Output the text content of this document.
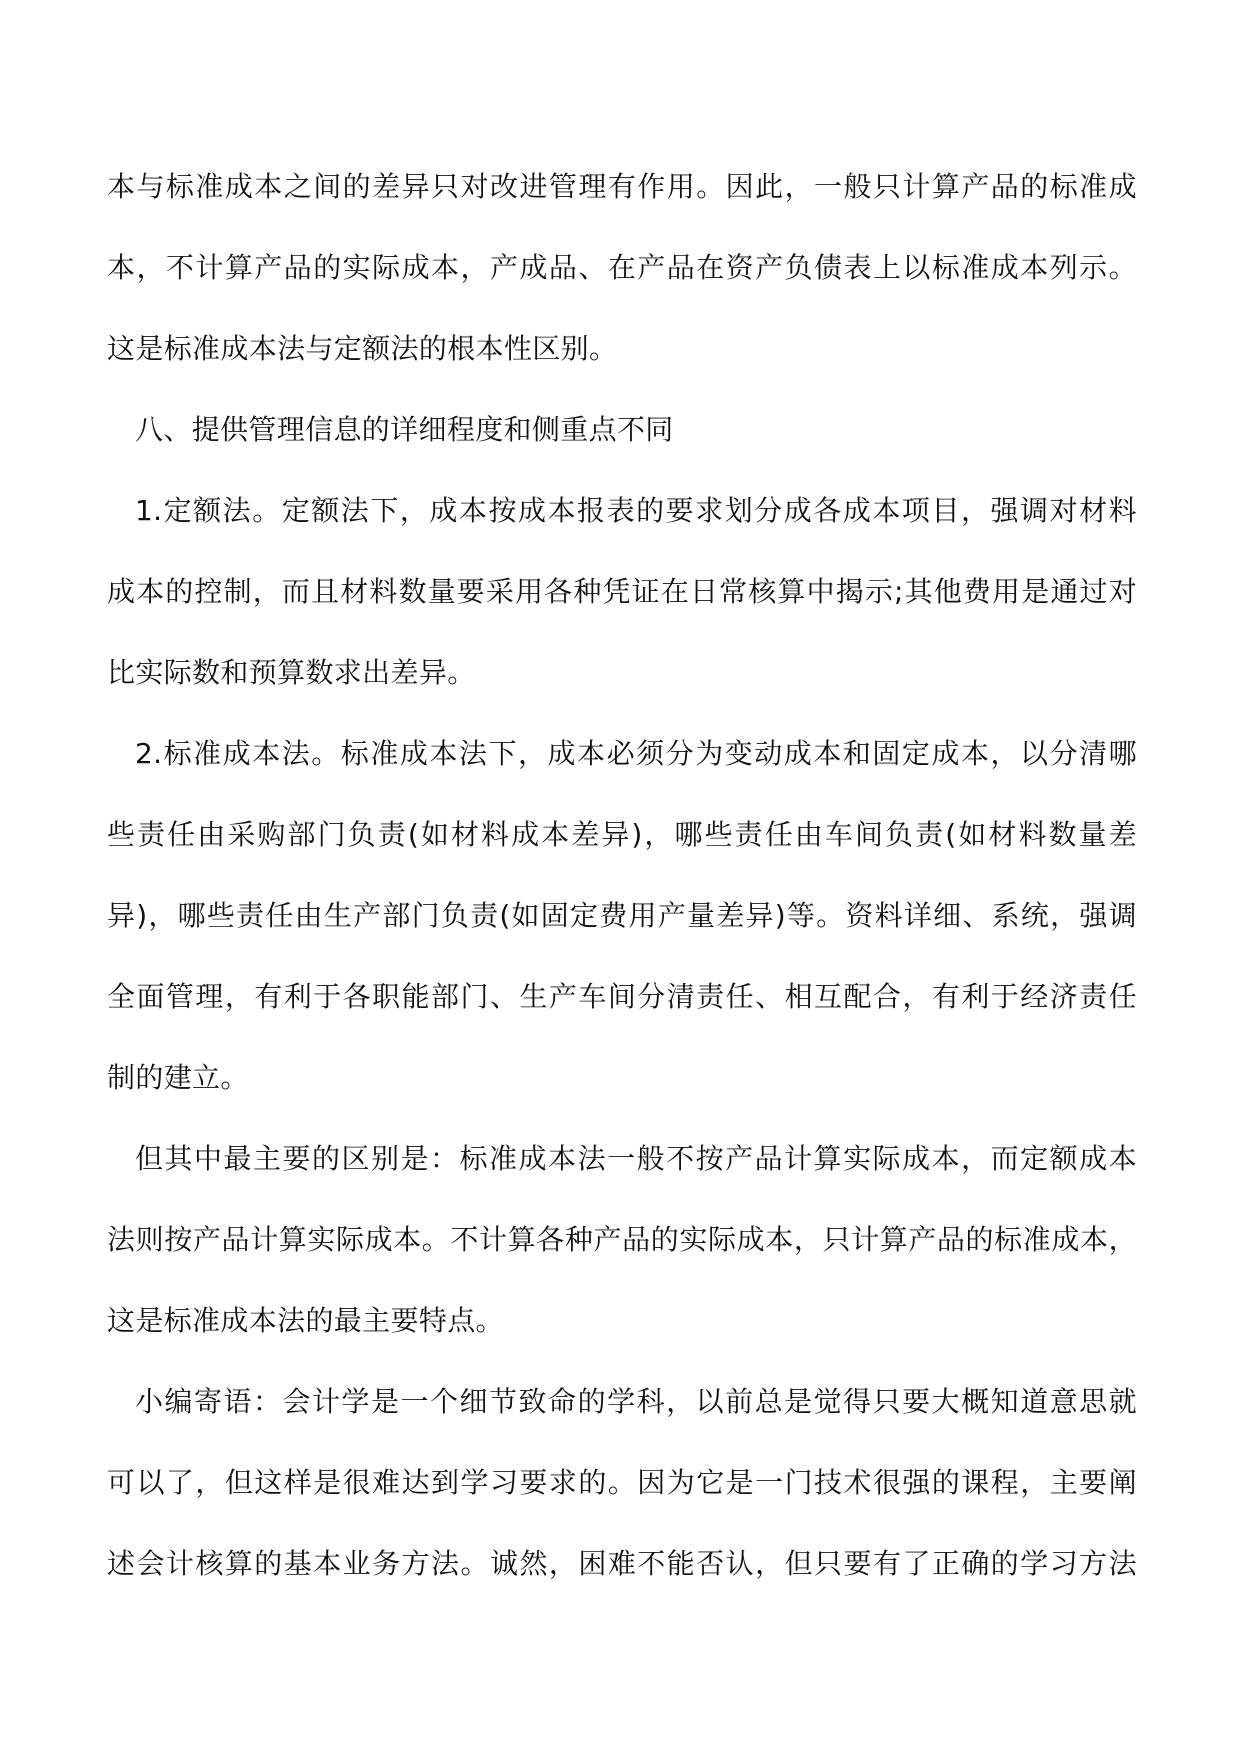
本与标准成本之间的差异只对改进管理有作用。因此，一般只计算产品的标准成
本，不计算产品的实际成本，产成品、在产品在资产负债表上以标准成本列示。
这是标准成本法与定额法的根本性区别。
八、提供管理信息的详细程度和侧重点不同
1.定额法。定额法下，成本按成本报表的要求划分成各成本项目，强调对材料
成本的控制，而且材料数量要采用各种凭证在日常核算中揭示;其他费用是通过对
比实际数和预算数求出差异。
2.标准成本法。标准成本法下，成本必须分为变动成本和固定成本，以分清哪
些责任由采购部门负责(如材料成本差异)，哪些责任由车间负责(如材料数量差
异)，哪些责任由生产部门负责(如固定费用产量差异)等。资料详细、系统，强调
全面管理，有利于各职能部门、生产车间分清责任、相互配合，有利于经济责任
制的建立。
但其中最主要的区别是：标准成本法一般不按产品计算实际成本，而定额成本
法则按产品计算实际成本。不计算各种产品的实际成本，只计算产品的标准成本，
这是标准成本法的最主要特点。
小编寄语：会计学是一个细节致命的学科，以前总是觉得只要大概知道意思就
可以了，但这样是很难达到学习要求的。因为它是一门技术很强的课程，主要阐
述会计核算的基本业务方法。诚然，困难不能否认，但只要有了正确的学习方法
